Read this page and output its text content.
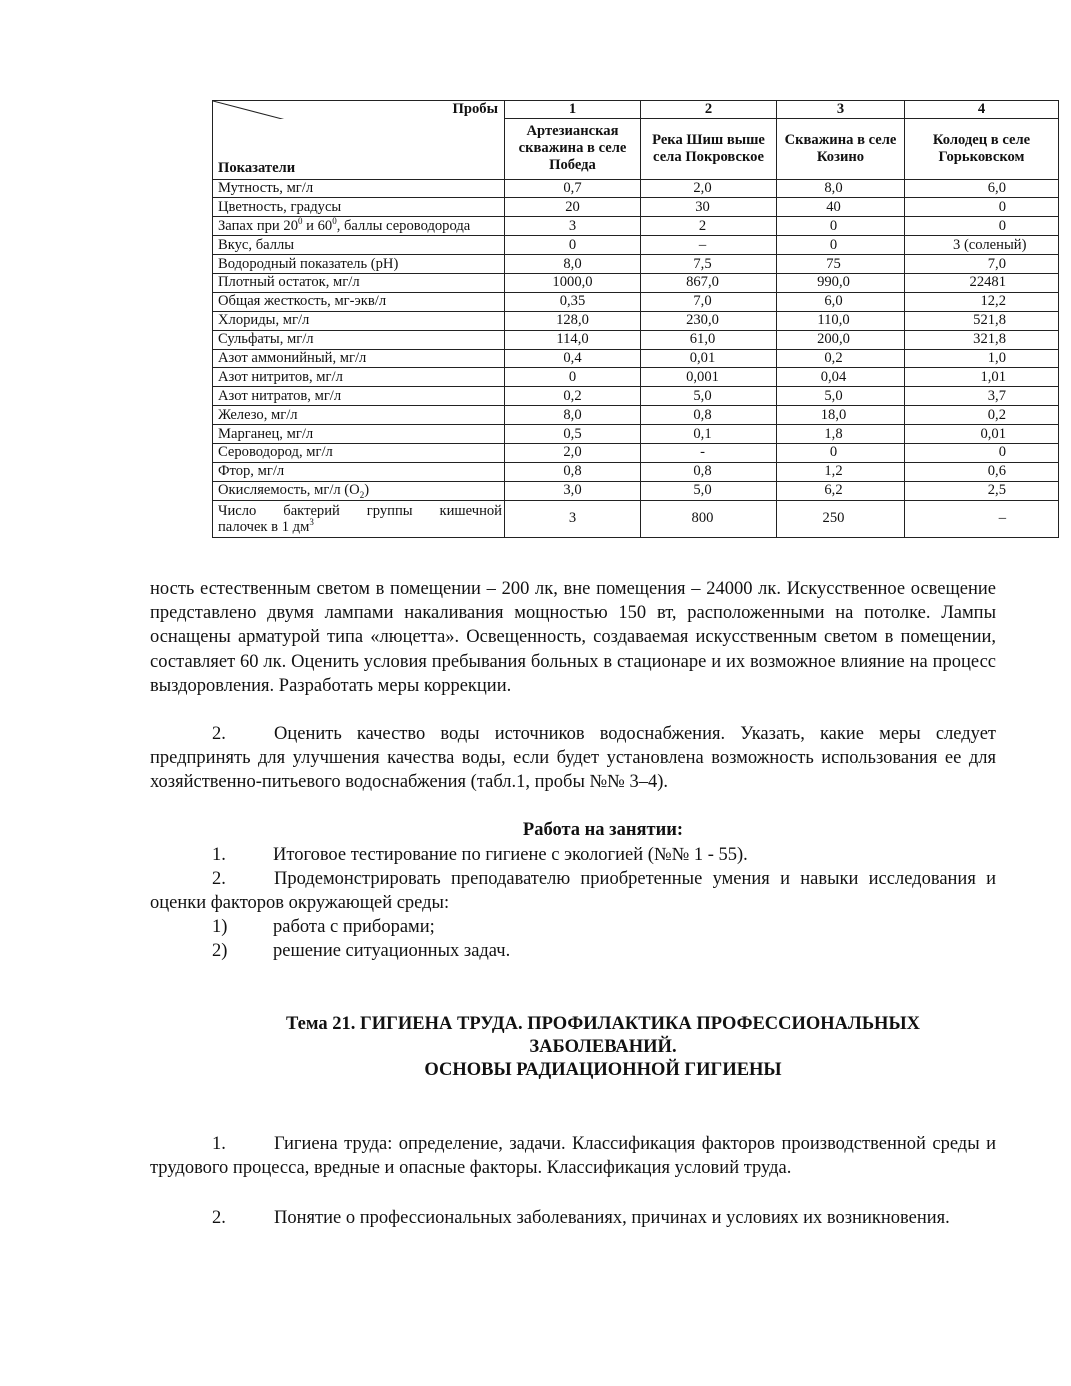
Пробы	1	2	3	4
Показатели	Артезианская скважина в селе Победа	Река Шиш выше села Покровское	Скважина в селе Козино	Колодец в селе Горьковском
Мутность, мг/л	0,7	2,0	8,0	6,0
Цветность, градусы	20	30	40	0
Запах при $20^0$ и $60^0$, баллы сероводорода	3	2	0	0
Вкус, баллы	0	–	0	3 (соленый)
Водородный показатель (рН)	8,0	7,5	75	7,0
Плотный остаток, мг/л	1000,0	867,0	990,0	22481
Общая жесткость, мг-экв/л	0,35	7,0	6,0	12,2
Хлориды, мг/л	128,0	230,0	110,0	521,8
Сульфаты, мг/л	114,0	61,0	200,0	321,8
Азот аммонийный, мг/л	0,4	0,01	0,2	1,0
Азот нитритов, мг/л	0	0,001	0,04	1,01
Азот нитратов, мг/л	0,2	5,0	5,0	3,7
Железо, мг/л	8,0	0,8	18,0	0,2
Марганец, мг/л	0,5	0,1	1,8	0,01
Сероводород, мг/л	2,0	-	0	0
Фтор, мг/л	0,8	0,8	1,2	0,6
Окисляемость, мг/л $(О_2)$	3,0	5,0	6,2	2,5

Число бактерий группы кишечной
палочек в 1 $дм^3$	3	800	250	–
ность естественным светом в помещении – 200 лк, вне помещения – 24000 лк. Искусственное освещение представлено двумя лампами накаливания мощностью 150 вт, расположенными на потолке. Лампы оснащены арматурой типа «люцетта». Освещенность, создаваемая искусственным светом в помещении, составляет 60 лк. Оценить условия пребывания больных в стационаре и их возможное влияние на процесс выздоровления. Разработать меры коррекции.
2.	Оценить качество воды источников водоснабжения. Указать, какие меры следует предпринять для улучшения качества воды, если будет установлена возможность использования ее для хозяйственно-питьевого водоснабжения (табл.1, пробы №№ 3–4).
Работа на занятии:
1.	Итоговое тестирование по гигиене с экологией (№№ 1 - 55).
2.	Продемонстрировать преподавателю приобретенные умения и навыки исследования и оценки факторов окружающей среды:
1) работа с приборами;
2) решение ситуационных задач.
Тема 21. ГИГИЕНА ТРУДА. ПРОФИЛАКТИКА ПРОФЕССИОНАЛЬНЫХ
ЗАБОЛЕВАНИЙ.
ОСНОВЫ РАДИАЦИОННОЙ ГИГИЕНЫ
1.	Гигиена труда: определение, задачи. Классификация факторов производственной среды и трудового процесса, вредные и опасные факторы. Классификация условий труда.
2.	Понятие о профессиональных заболеваниях, причинах и условиях их возникновения.
